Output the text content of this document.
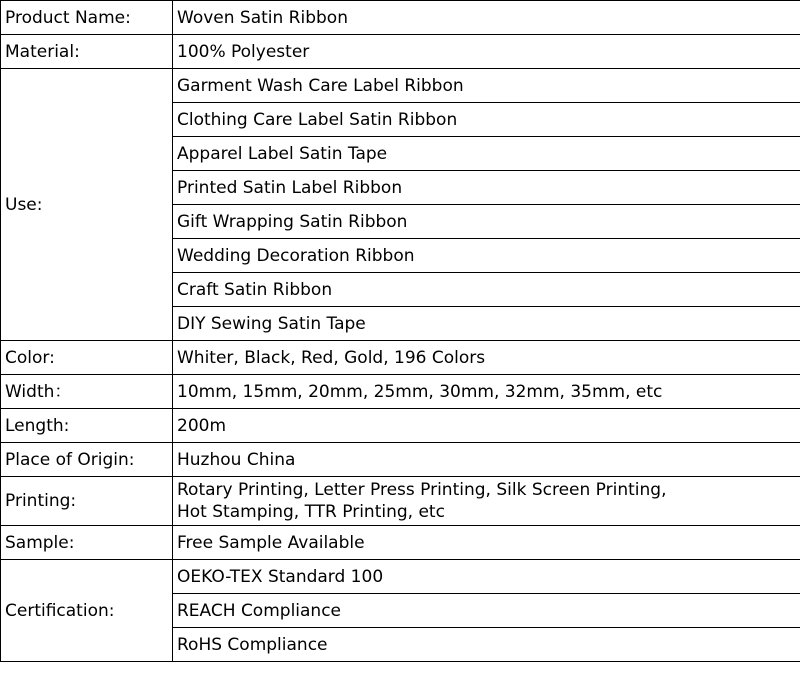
Product Name:	Woven Satin Ribbon
Material:	100% Polyester
Use:	Garment Wash Care Label Ribbon
	Clothing Care Label Satin Ribbon
	Apparel Label Satin Tape
	Printed Satin Label Ribbon
	Gift Wrapping Satin Ribbon
	Wedding Decoration Ribbon
	Craft Satin Ribbon
	DIY Sewing Satin Tape
Color:	Whiter, Black, Red, Gold, 196 Colors
Width：	10mm, 15mm, 20mm, 25mm, 30mm, 32mm, 35mm, etc
Length:	200m
Place of Origin:	Huzhou China
Printing:	Rotary Printing, Letter Press Printing, Silk Screen Printing,
Hot Stamping, TTR Printing, etc

Sample:	Free Sample Available
Certification:	OEKO-TEX Standard 100
	REACH Compliance
	RoHS Compliance
